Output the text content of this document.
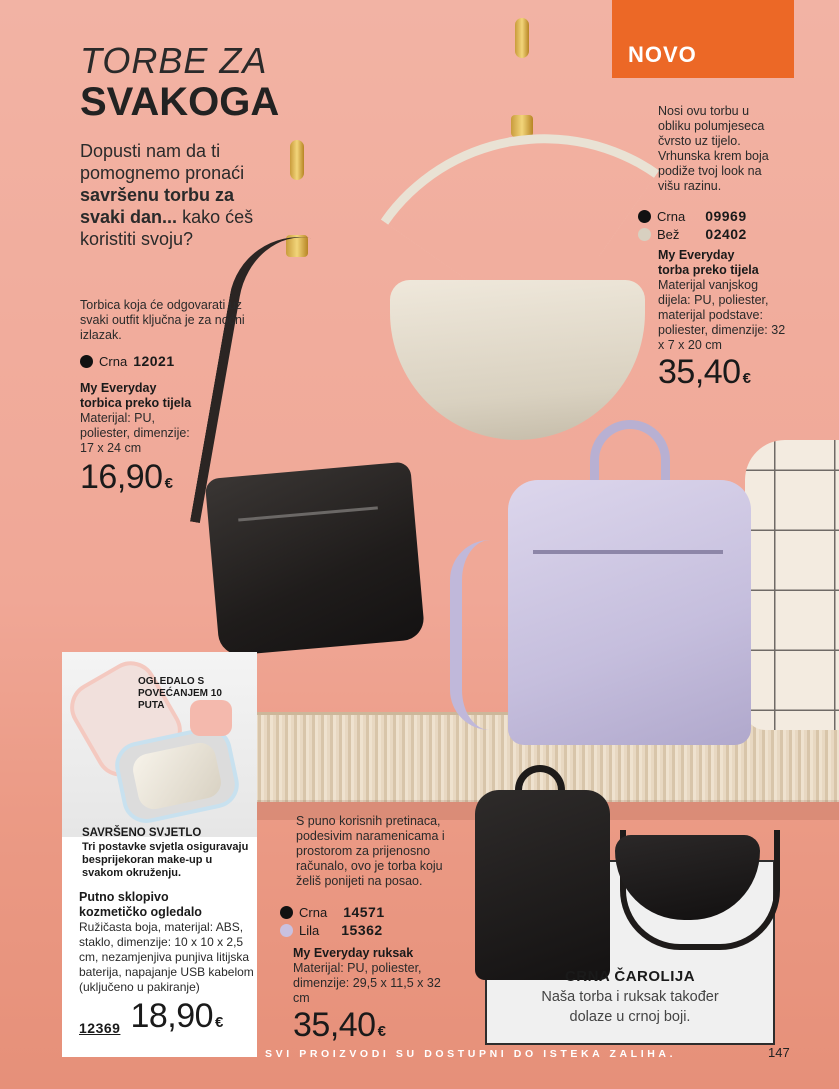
TORBE ZA
SVAKOGA
Dopusti nam da ti pomognemo pronaći savršenu torbu za svaki dan... kako ćeš koristiti svoju?
NOVO
Torbica koja će odgovarati uz svaki outfit ključna je za noćni izlazak.
Crna 12021
My Everyday
torbica preko tijela
Materijal: PU, poliester, dimenzije: 17 x 24 cm
16,90 €
Nosi ovu torbu u obliku polumjeseca čvrsto uz tijelo. Vrhunska krem boja podiže tvoj look na višu razinu.
Crna 09969
Bež 02402
My Everyday
torba preko tijela
Materijal vanjskog dijela: PU, poliester, materijal podstave: poliester, dimenzije: 32 x 7 x 20 cm
35,40 €
OGLEDALO S POVEĆANJEM 10 PUTA
SAVRŠENO SVJETLO
Tri postavke svjetla osiguravaju besprijekoran make-up u svakom okruženju.
Putno sklopivo
kozmetičko ogledalo
Ružičasta boja, materijal: ABS, staklo, dimenzije: 10 x 10 x 2,5 cm, nezamjenjiva punjiva litijska baterija, napajanje USB kabelom (uključeno u pakiranje)
12369 18,90 €
S puno korisnih pretinaca, podesivim naramenicama i prostorom za prijenosno računalo, ovo je torba koju želiš ponijeti na posao.
Crna 14571
Lila 15362
My Everyday ruksak
Materijal: PU, poliester, dimenzije: 29,5 x 11,5 x 32 cm
35,40 €
CRNA ČAROLIJA
Naša torba i ruksak također dolaze u crnoj boji.
SVI PROIZVODI SU DOSTUPNI DO ISTEKA ZALIHA.	147
